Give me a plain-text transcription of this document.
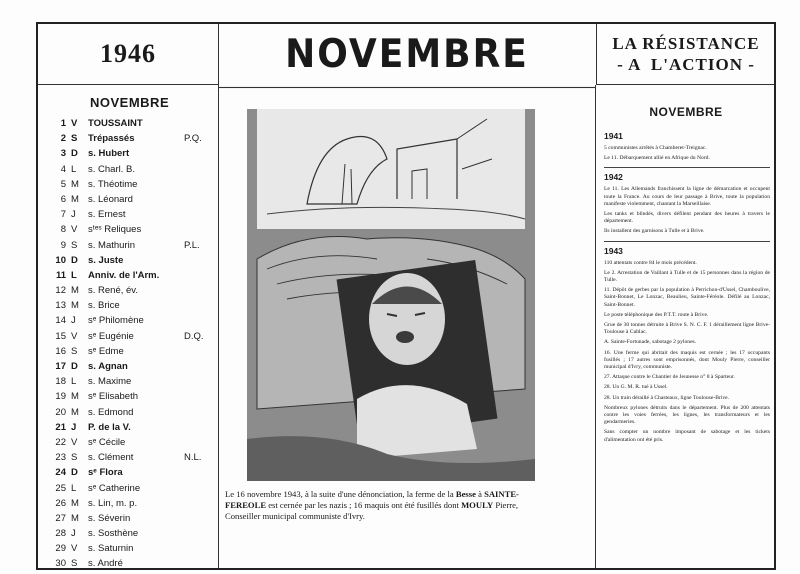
1946	NOVEMBRE	LA RÉSISTANCE
- A  L'ACTION -
NOVEMBRE
1 V TOUSSAINT
2 S Trépassés	P.Q.
3 D s. Hubert
4 L s. Charl. B.
5 M s. Théotime
6 M s. Léonard
7 J s. Ernest
8 V sᵗᵉˢ Reliques
9 S s. Mathurin	P.L.
10 D s. Juste
11 L Anniv. de l'Arm.
12 M s. René, év.
13 M s. Brice
14 J sᵉ Philomène
15 V sᵉ Eugénie	D.Q.
16 S sᵉ Edme
17 D s. Agnan
18 L s. Maxime
19 M sᵉ Elisabeth
20 M s. Edmond
21 J P. de la V.
22 V sᵉ Cécile
23 S s. Clément	N.L.
24 D sᵉ Flora
25 L sᵉ Catherine
26 M s. Lin, m. p.
27 M s. Séverin
28 J s. Sosthène
29 V s. Saturnin
30 S s. André
Le 16 novembre 1943, à la suite d'une dénonciation, la ferme de la Besse à SAINTE-FEREOLE est cernée par les nazis ; 16 maquis ont été fusillés dont MOULY Pierre, Conseiller municipal communiste d'Ivry.
NOVEMBRE
1941
5 communistes arrêtés à Chamberet-Treignac.
Le 11. Débarquement allié en Afrique du Nord.
1942
Le 11. Les Allemands franchissent la ligne de démarcation et occupent toute la France. Au cours de leur passage à Brive, toute la population manifeste violemment, chantant la Marseillaise.
Les tanks et blindés, divers défilent pendant des heures à travers le département.
Ils installent des garnisons à Tulle et à Brive.
1943
110 attentats contre 84 le mois précédent.
Le 2. Arrestation de Vaillant à Tulle et de 15 personnes dans la région de Tulle.
11. Dépôt de gerbes par la population à Perrichon-d'Ussel, Chamboulive, Saint-Bonnet, Le Lonzac, Beaulieu, Sainte-Féréole. Défilé au Lonzac, Saint-Bonnet.
Le poste téléphonique des P.T.T. route à Brive.
Grue de 30 tonnes détruite à Brive S. N. C. F. 1 déraillement ligne Brive-Toulouse à Cublac.
A. Sainte-Fortunade, sabotage 2 pylones.
16. Une ferme qui abritait des maquis est cernée ; les 17 occupants fusillés ; 17 autres sont emprisonnés, dont Mouly Pierre, conseiller municipal d'Ivry, communiste.
27. Attaque contre le Chantier de Jeunesse n° 8 à Sparteur.
28. Un G. M. R. tué à Ussel.
28. Un train déraillé à Chasteaux, ligne Toulouse-Brive.
Nombreux pylones détruits dans le département. Plus de 200 attentats contre les voies ferrées, les lignes, les transformateurs et les gendarmeries.
Sans compter un nombre imposant de sabotage et les tickets d'alimentation ont été pris.
